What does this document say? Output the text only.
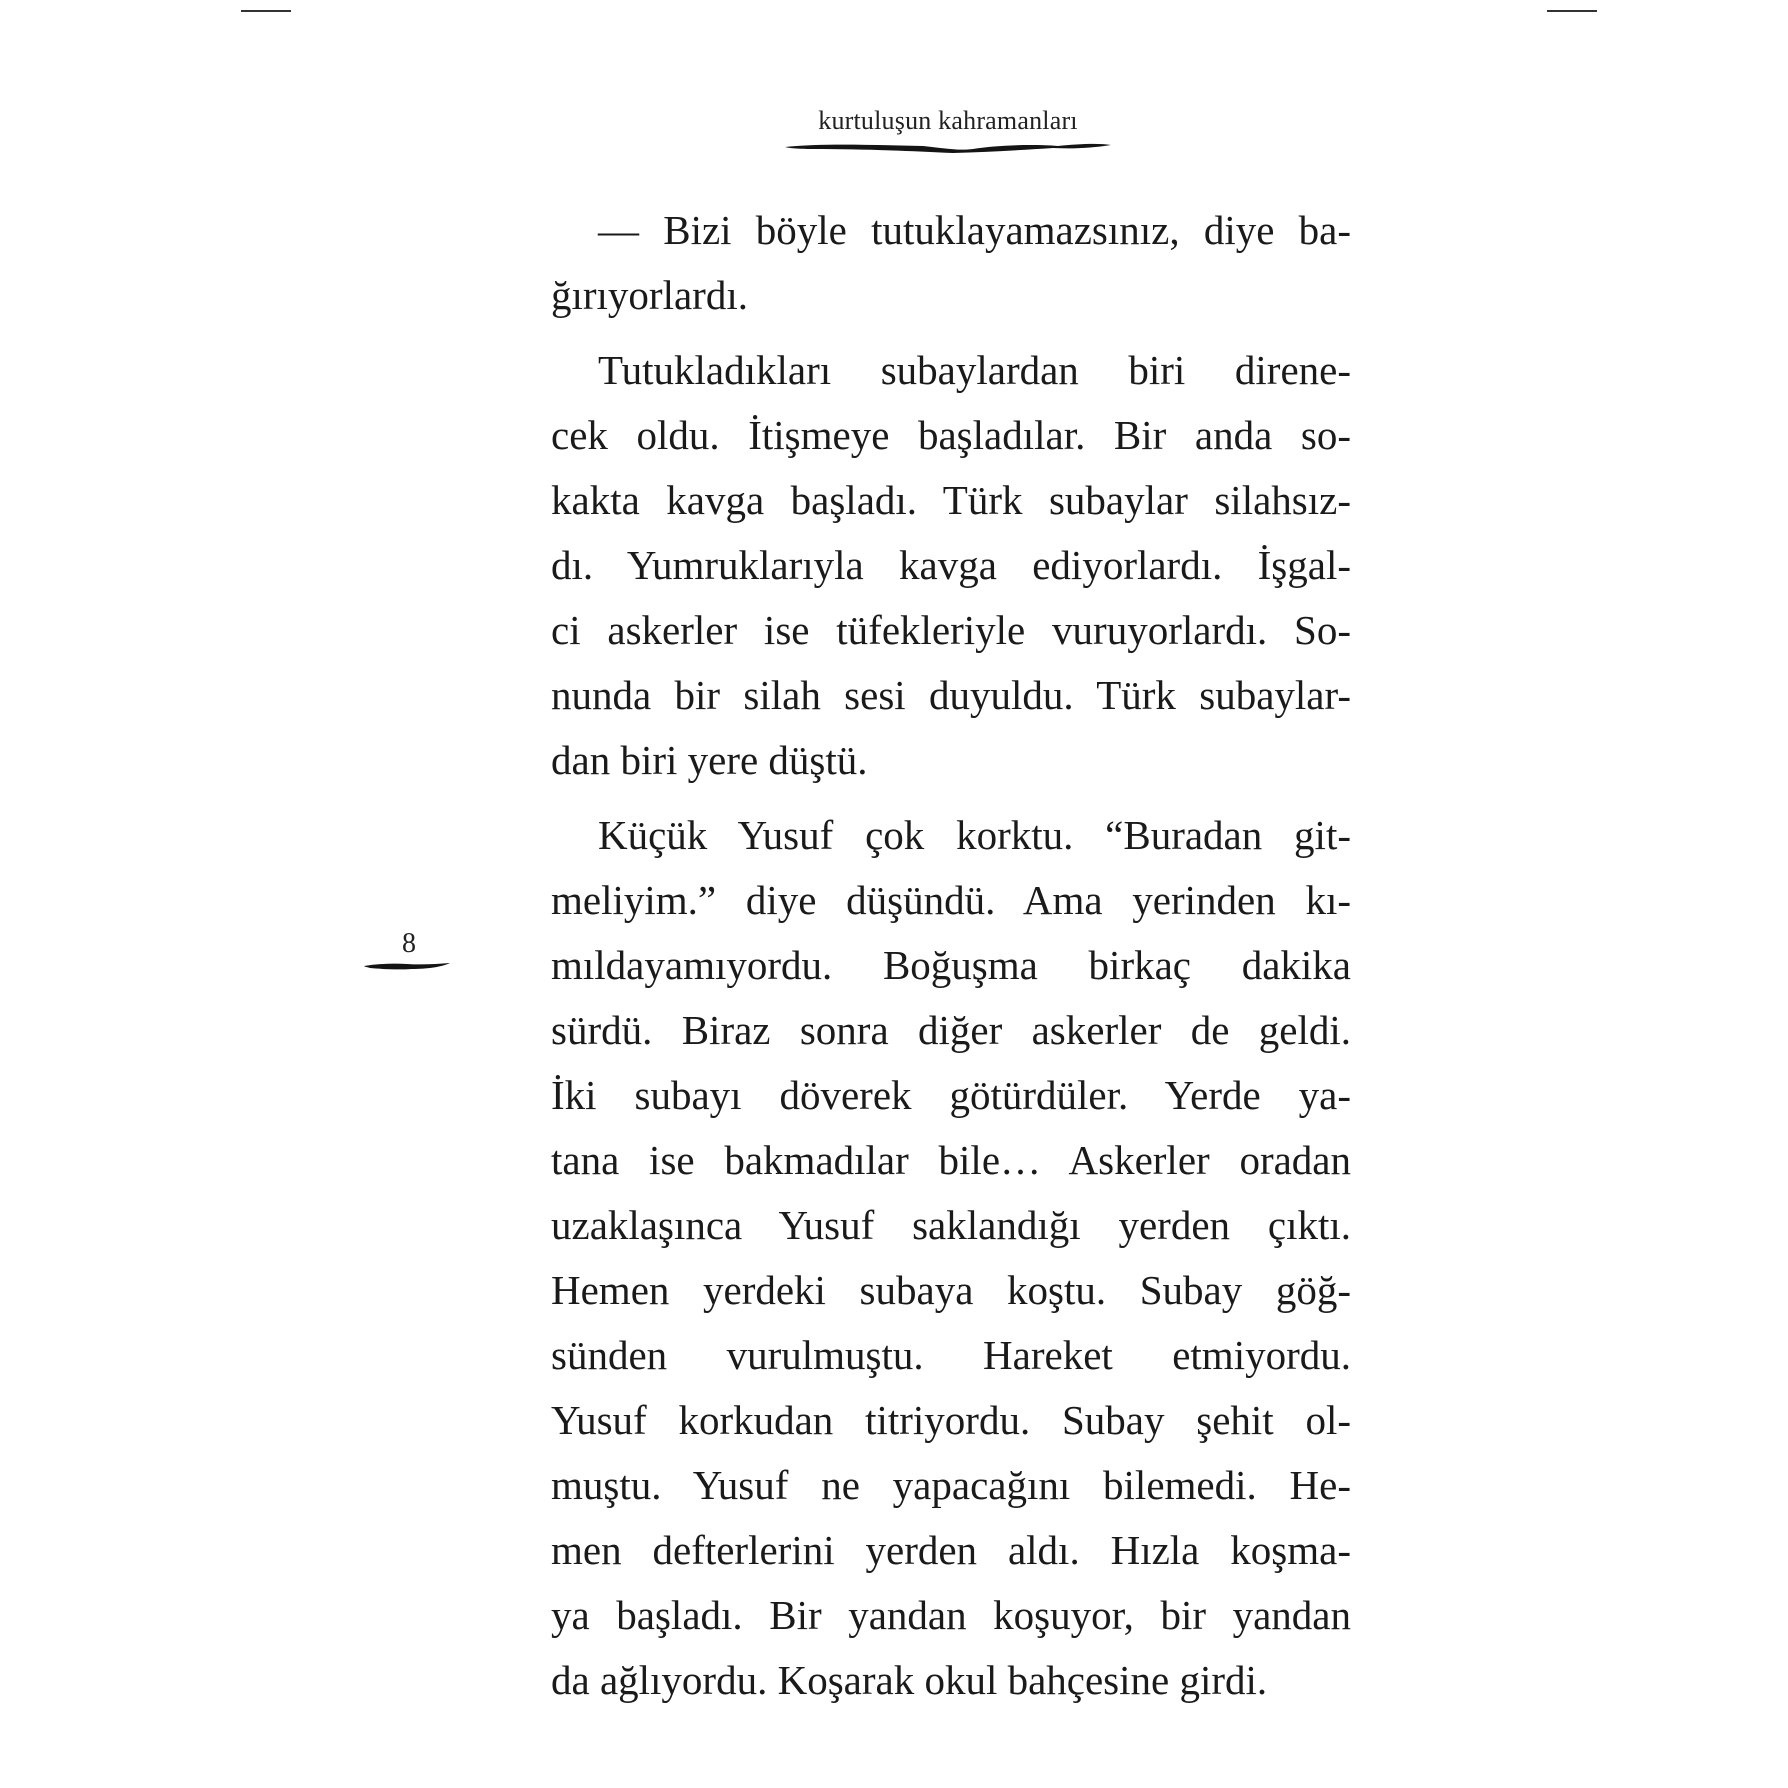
kurtuluşun kahramanları
8
— Bizi böyle tutuklayamazsınız, diye ba-
ğırıyorlardı.
Tutukladıkları subaylardan biri direne-
cek oldu. İtişmeye başladılar. Bir anda so-
kakta kavga başladı. Türk subaylar silahsız-
dı. Yumruklarıyla kavga ediyorlardı. İşgal-
ci askerler ise tüfekleriyle vuruyorlardı. So-
nunda bir silah sesi duyuldu. Türk subaylar-
dan biri yere düştü.
Küçük Yusuf çok korktu. “Buradan git-
meliyim.” diye düşündü. Ama yerinden kı-
mıldayamıyordu. Boğuşma birkaç dakika
sürdü. Biraz sonra diğer askerler de geldi.
İki subayı döverek götürdüler. Yerde ya-
tana ise bakmadılar bile… Askerler oradan
uzaklaşınca Yusuf saklandığı yerden çıktı.
Hemen yerdeki subaya koştu. Subay göğ-
sünden vurulmuştu. Hareket etmiyordu.
Yusuf korkudan titriyordu. Subay şehit ol-
muştu. Yusuf ne yapacağını bilemedi. He-
men defterlerini yerden aldı. Hızla koşma-
ya başladı. Bir yandan koşuyor, bir yandan
da ağlıyordu. Koşarak okul bahçesine girdi.
